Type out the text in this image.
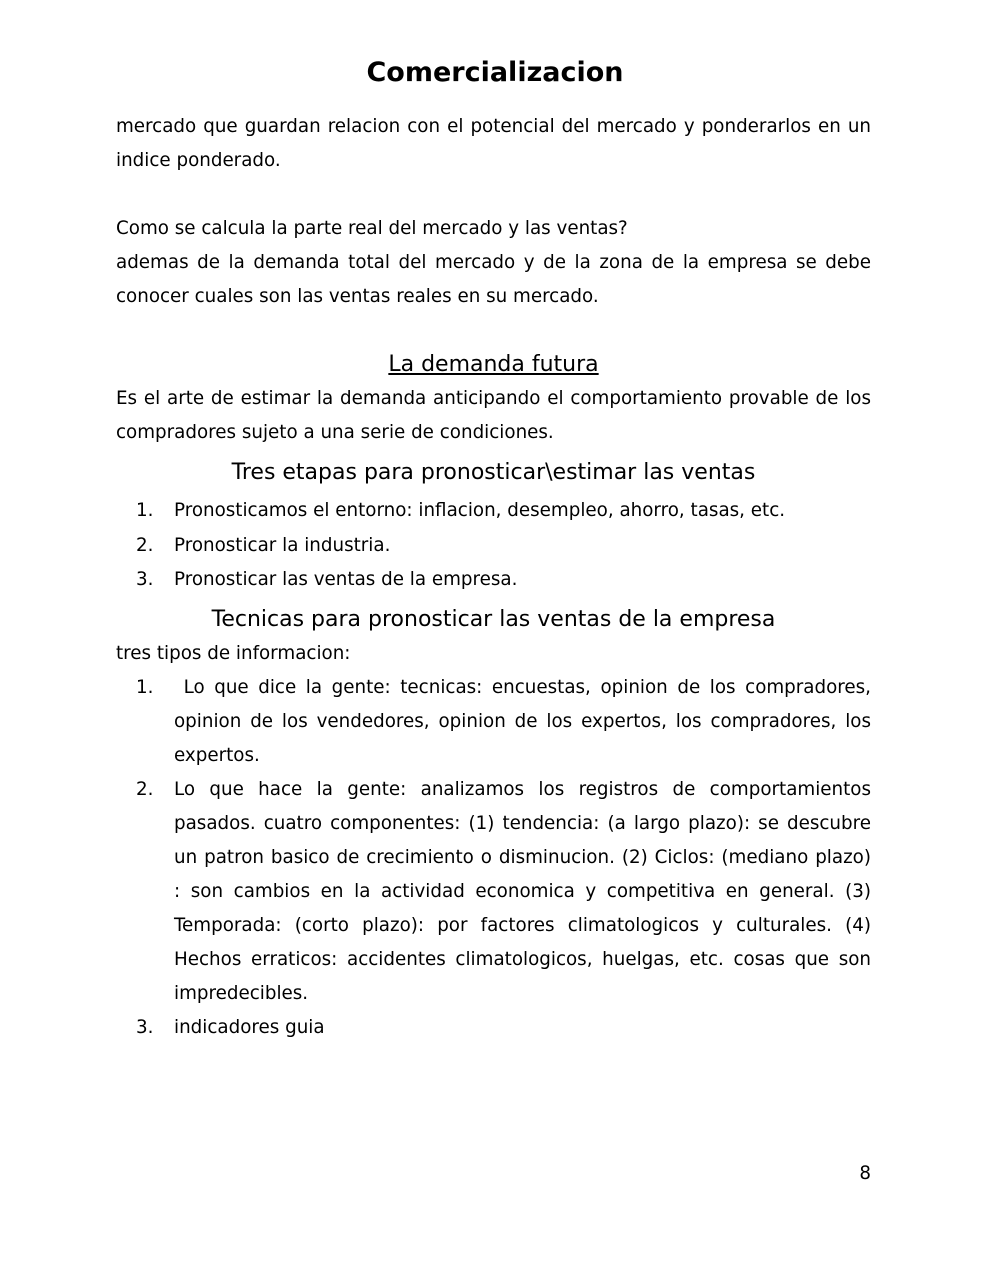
Comercializacion

mercado que guardan relacion con el potencial del mercado y ponderarlos en un indice ponderado.

Como se calcula la parte real del mercado y las ventas?

ademas de la demanda total del mercado y de la zona de la empresa se debe conocer cuales son las ventas reales en su mercado.

La demanda futura

Es el arte de estimar la demanda anticipando el comportamiento provable de los compradores sujeto a una serie de condiciones.

Tres etapas para pronosticar\estimar las ventas

1. Pronosticamos el entorno: inflacion, desempleo, ahorro, tasas, etc.
2. Pronosticar la industria.
3. Pronosticar las ventas de la empresa.

Tecnicas para pronosticar las ventas de la empresa

tres tipos de informacion:

1. Lo que dice la gente: tecnicas: encuestas, opinion de los compradores, opinion de los vendedores, opinion de los expertos, los compradores, los expertos.
2. Lo que hace la gente: analizamos los registros de comportamientos pasados. cuatro componentes: (1) tendencia: (a largo plazo): se descubre un patron basico de crecimiento o disminucion. (2) Ciclos: (mediano plazo) : son cambios en la actividad economica y competitiva en general. (3) Temporada: (corto plazo): por factores climatologicos y culturales. (4) Hechos erraticos: accidentes climatologicos, huelgas, etc. cosas que son impredecibles.
3. indicadores guia
8
